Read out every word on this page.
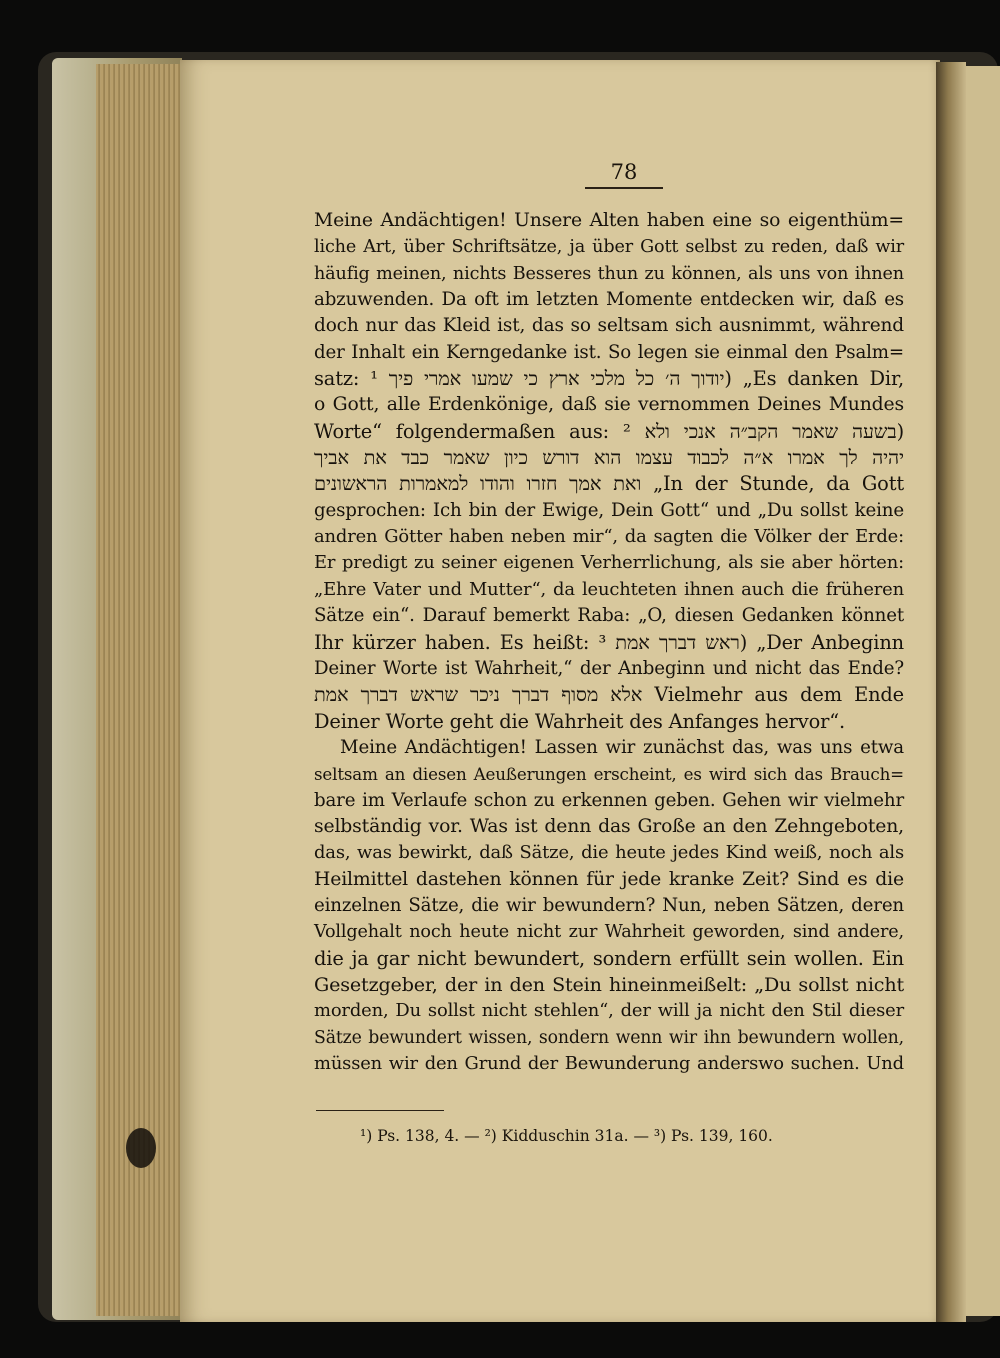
78
Meine Andächtigen! Unsere Alten haben eine so eigenthüm=
liche Art, über Schriftsätze, ja über Gott selbst zu reden, daß wir
häufig meinen, nichts Besseres thun zu können, als uns von ihnen
abzuwenden. Da oft im letzten Momente entdecken wir, daß es
doch nur das Kleid ist, das so seltsam sich ausnimmt, während
der Inhalt ein Kerngedanke ist. So legen sie einmal den Psalm=
satz: יודוך ה׳ כל מלכי ארץ כי שמעו אמרי פיך ¹) „Es danken Dir,
o Gott, alle Erdenkönige, daß sie vernommen Deines Mundes
Worte“ folgendermaßen aus: בשעה שאמר הקב״ה אנכי ולא ²)
יהיה לך אמרו א״ה לכבוד עצמו הוא דורש כיון שאמר כבד את אביך
ואת אמך חזרו והודו למאמרות הראשונים „In der Stunde, da Gott
gesprochen: Ich bin der Ewige, Dein Gott“ und „Du sollst keine
andren Götter haben neben mir“, da sagten die Völker der Erde:
Er predigt zu seiner eigenen Verherrlichung, als sie aber hörten:
„Ehre Vater und Mutter“, da leuchteten ihnen auch die früheren
Sätze ein“. Darauf bemerkt Raba: „O, diesen Gedanken könnet
Ihr kürzer haben. Es heißt: ראש דברך אמת ³) „Der Anbeginn
Deiner Worte ist Wahrheit,“ der Anbeginn und nicht das Ende?
אלא מסוף דברך ניכר שראש דברך אמת Vielmehr aus dem Ende
Deiner Worte geht die Wahrheit des Anfanges hervor“.
Meine Andächtigen! Lassen wir zunächst das, was uns etwa
seltsam an diesen Aeußerungen erscheint, es wird sich das Brauch=
bare im Verlaufe schon zu erkennen geben. Gehen wir vielmehr
selbständig vor. Was ist denn das Große an den Zehngeboten,
das, was bewirkt, daß Sätze, die heute jedes Kind weiß, noch als
Heilmittel dastehen können für jede kranke Zeit? Sind es die
einzelnen Sätze, die wir bewundern? Nun, neben Sätzen, deren
Vollgehalt noch heute nicht zur Wahrheit geworden, sind andere,
die ja gar nicht bewundert, sondern erfüllt sein wollen. Ein
Gesetzgeber, der in den Stein hineinmeißelt: „Du sollst nicht
morden, Du sollst nicht stehlen“, der will ja nicht den Stil dieser
Sätze bewundert wissen, sondern wenn wir ihn bewundern wollen,
müssen wir den Grund der Bewunderung anderswo suchen. Und
¹) Ps. 138, 4. — ²) Kidduschin 31a. — ³) Ps. 139, 160.
